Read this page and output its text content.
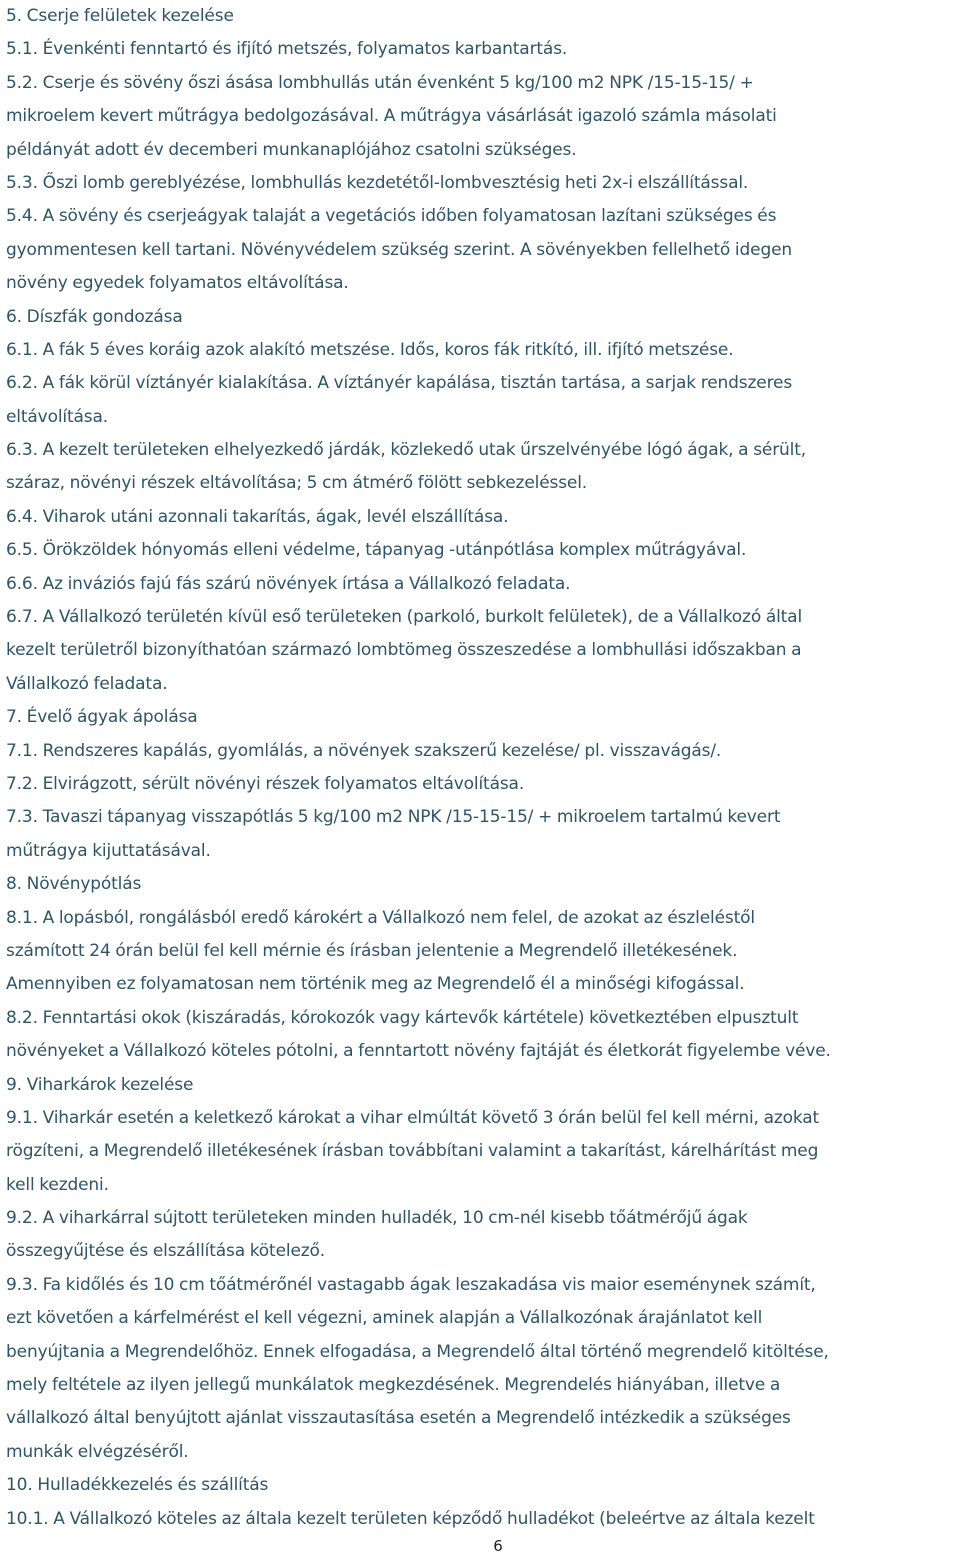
5. Cserje felületek kezelése
5.1. Évenkénti fenntartó és ifjító metszés, folyamatos karbantartás.
5.2. Cserje és sövény őszi ásása lombhullás után évenként 5 kg/100 m2 NPK /15-15-15/ +
mikroelem kevert műtrágya bedolgozásával. A műtrágya vásárlását igazoló számla másolati
példányát adott év decemberi munkanaplójához csatolni szükséges.
5.3. Őszi lomb gereblyézése, lombhullás kezdetétől-lombvesztésig heti 2x-i elszállítással.
5.4. A sövény és cserjeágyak talaját a vegetációs időben folyamatosan lazítani szükséges és
gyommentesen kell tartani. Növényvédelem szükség szerint. A sövényekben fellelhető idegen
növény egyedek folyamatos eltávolítása.
6. Díszfák gondozása
6.1. A fák 5 éves koráig azok alakító metszése. Idős, koros fák ritkító, ill. ifjító metszése.
6.2. A fák körül víztányér kialakítása. A víztányér kapálása, tisztán tartása, a sarjak rendszeres
eltávolítása.
6.3. A kezelt területeken elhelyezkedő járdák, közlekedő utak űrszelvényébe lógó ágak, a sérült,
száraz, növényi részek eltávolítása; 5 cm átmérő fölött sebkezeléssel.
6.4. Viharok utáni azonnali takarítás, ágak, levél elszállítása.
6.5. Örökzöldek hónyomás elleni védelme, tápanyag -utánpótlása komplex műtrágyával.
6.6. Az inváziós fajú fás szárú növények írtása a Vállalkozó feladata.
6.7. A Vállalkozó területén kívül eső területeken (parkoló, burkolt felületek), de a Vállalkozó által
kezelt területről bizonyíthatóan származó lombtömeg összeszedése a lombhullási időszakban a
Vállalkozó feladata.
7. Évelő ágyak ápolása
7.1. Rendszeres kapálás, gyomlálás, a növények szakszerű kezelése/ pl. visszavágás/.
7.2. Elvirágzott, sérült növényi részek folyamatos eltávolítása.
7.3. Tavaszi tápanyag visszapótlás 5 kg/100 m2 NPK /15-15-15/ + mikroelem tartalmú kevert
műtrágya kijuttatásával.
8. Növénypótlás
8.1. A lopásból, rongálásból eredő károkért a Vállalkozó nem felel, de azokat az észleléstől
számított 24 órán belül fel kell mérnie és írásban jelentenie a Megrendelő illetékesének.
Amennyiben ez folyamatosan nem történik meg az Megrendelő él a minőségi kifogással.
8.2. Fenntartási okok (kiszáradás, kórokozók vagy kártevők kártétele) következtében elpusztult
növényeket a Vállalkozó köteles pótolni, a fenntartott növény fajtáját és életkorát figyelembe véve.
9. Viharkárok kezelése
9.1. Viharkár esetén a keletkező károkat a vihar elmúltát követő 3 órán belül fel kell mérni, azokat
rögzíteni, a Megrendelő illetékesének írásban továbbítani valamint a takarítást, kárelhárítást meg
kell kezdeni.
9.2. A viharkárral sújtott területeken minden hulladék, 10 cm-nél kisebb tőátmérőjű ágak
összegyűjtése és elszállítása kötelező.
9.3. Fa kidőlés és 10 cm tőátmérőnél vastagabb ágak leszakadása vis maior eseménynek számít,
ezt követően a kárfelmérést el kell végezni, aminek alapján a Vállalkozónak árajánlatot kell
benyújtania a Megrendelőhöz. Ennek elfogadása, a Megrendelő által történő megrendelő kitöltése,
mely feltétele az ilyen jellegű munkálatok megkezdésének. Megrendelés hiányában, illetve a
vállalkozó által benyújtott ajánlat visszautasítása esetén a Megrendelő intézkedik a szükséges
munkák elvégzéséről.
10. Hulladékkezelés és szállítás
10.1. A Vállalkozó köteles az általa kezelt területen képződő hulladékot (beleértve az általa kezelt
6
